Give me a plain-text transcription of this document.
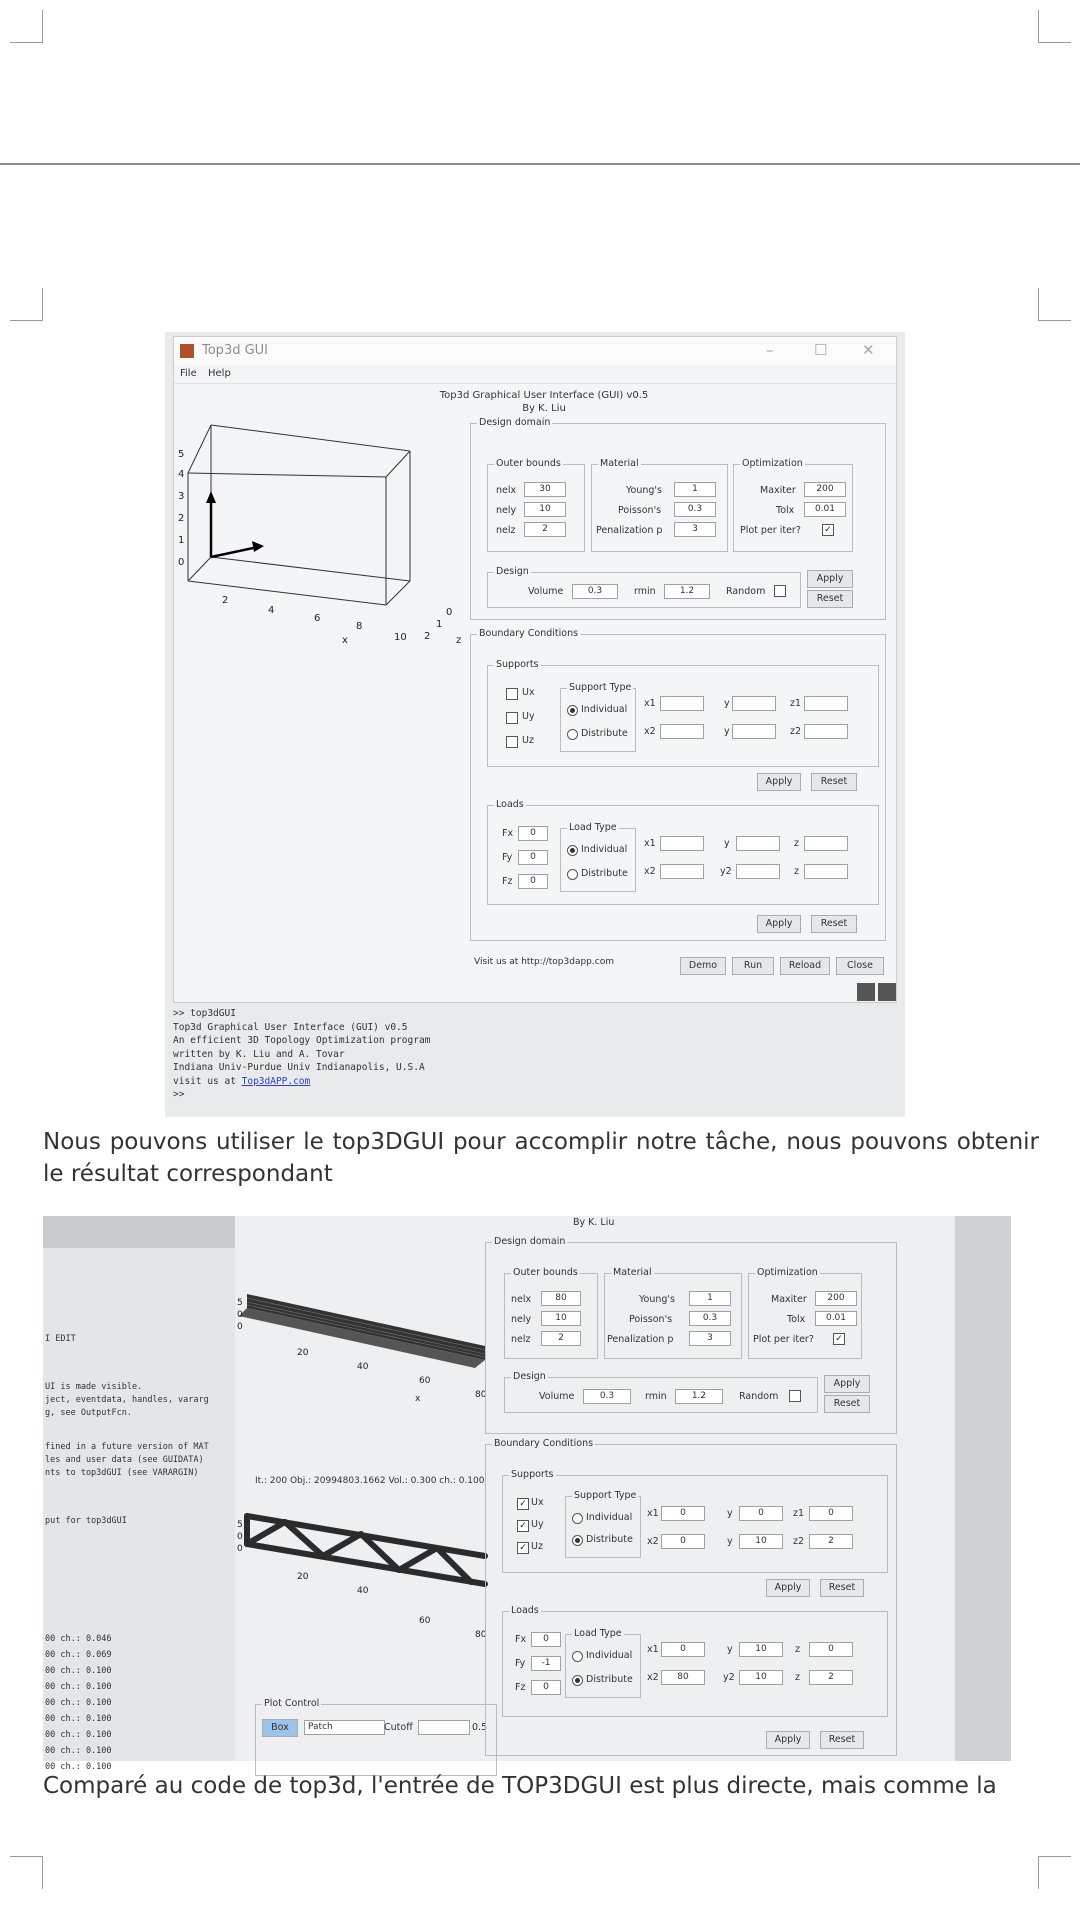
Top3d GUI	–	☐ ✕
File Help
Top3d Graphical User Interface (GUI) v0.5
By K. Liu
5
4
3
2
1
0
2
4
6
8
10
x
0
1
2	z
Design domain
Outer bounds
nelx	30
nely	10
nelz	2
Material
Young's	1
Poisson's	0.3
Penalization p	3
Optimization
Maxiter	200
Tolx	0.01
Plot per iter?	✓
Design
Volume	0.3	rmin	1.2	Random
Apply
Reset
Boundary Conditions
Supports
Ux
Uy
Uz
Support Type
Individual
Distribute
x1	y	z1
x2	y	z2
Apply	Reset
Loads
Fx	0
Fy	0
Fz	0
Load Type
Individual
Distribute
x1	y	z
x2	y2	z
Apply	Reset
Visit us at http://top3dapp.com	Demo	Run	Reload	Close
>> top3dGUI
Top3d Graphical User Interface (GUI) v0.5
An efficient 3D Topology Optimization program
written by K. Liu and A. Tovar
Indiana Univ-Purdue Univ Indianapolis, U.S.A
visit us at Top3dAPP.com
>>
Nous pouvons utiliser le top3DGUI pour accomplir notre tâche, nous pouvons obtenir le résultat correspondant
I EDIT
UI is made visible.
ject, eventdata, handles, vararg
g, see OutputFcn.
fined in a future version of MAT
les and user data (see GUIDATA)
nts to top3dGUI (see VARARGIN)
put for top3dGUI
00 ch.: 0.046
00 ch.: 0.069
00 ch.: 0.100
00 ch.: 0.100
00 ch.: 0.100
00 ch.: 0.100
00 ch.: 0.100
00 ch.: 0.100
00 ch.: 0.100
By K. Liu
5
0
0
20
40
60
80
x
It.: 200 Obj.: 20994803.1662 Vol.: 0.300 ch.: 0.100
5
0
0
20
40
60
80
Plot Control
Box	Patch	Cutoff	0.5
Design domain
Outer bounds
nelx	80
nely	10
nelz	2
Material
Young's	1
Poisson's	0.3
Penalization p	3
Optimization
Maxiter	200
Tolx	0.01
Plot per iter? ✓
Design
Volume	0.3	rmin	1.2	Random
Apply
Reset
Boundary Conditions
Supports
✓ Ux
✓ Uy
✓ Uz
Support Type
Individual
Distribute
x1	0	y	0	z1	0
x2	0	y	10	z2	2
Apply	Reset
Loads
Fx	0
Fy	-1
Fz	0
Load Type
Individual
Distribute
x1	0	y	10	z	0
x2	80	y2	10	z	2
Apply	Reset
Comparé au code de top3d, l'entrée de TOP3DGUI est plus directe, mais comme la
